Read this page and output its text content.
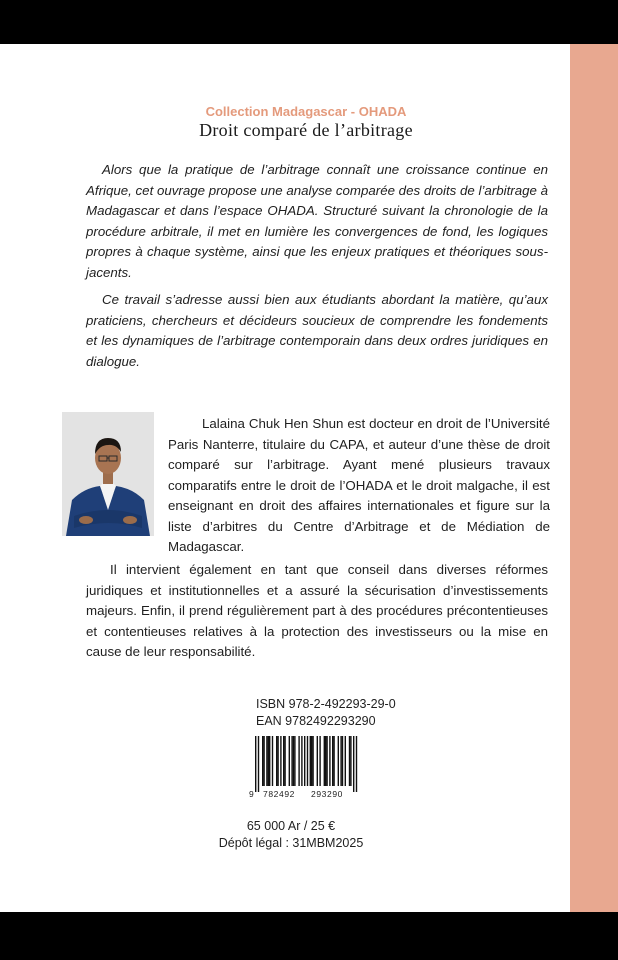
Collection Madagascar - OHADA
Droit comparé de l’arbitrage

Alors que la pratique de l’arbitrage connaît une croissance continue en Afrique, cet ouvrage propose une analyse comparée des droits de l’arbitrage à Madagascar et dans l’espace OHADA. Structuré suivant la chronologie de la procédure arbitrale, il met en lumière les convergences de fond, les logiques propres à chaque système, ainsi que les enjeux pratiques et théoriques sous-jacents.

Ce travail s’adresse aussi bien aux étudiants abordant la matière, qu’aux praticiens, chercheurs et décideurs soucieux de comprendre les fondements et les dynamiques de l’arbitrage contemporain dans deux ordres juridiques en dialogue.

Lalaina Chuk Hen Shun est docteur en droit de l’Université Paris Nanterre, titulaire du CAPA, et auteur d’une thèse de droit comparé sur l’arbitrage. Ayant mené plusieurs travaux comparatifs entre le droit de l’OHADA et le droit malgache, il est enseignant en droit des affaires internationales et figure sur la liste d’arbitres du Centre d’Arbitrage et de Médiation de Madagascar.

Il intervient également en tant que conseil dans diverses réformes juridiques et institutionnelles et a assuré la sécurisation d’investissements majeurs. Enfin, il prend régulièrement part à des procédures précontentieuses et contentieuses relatives à la protection des investisseurs ou la mise en cause de leur responsabilité.

ISBN 978-2-492293-29-0
EAN 9782492293290
9 782492 293290
65 000 Ar / 25 €
Dépôt légal : 31MBM2025
